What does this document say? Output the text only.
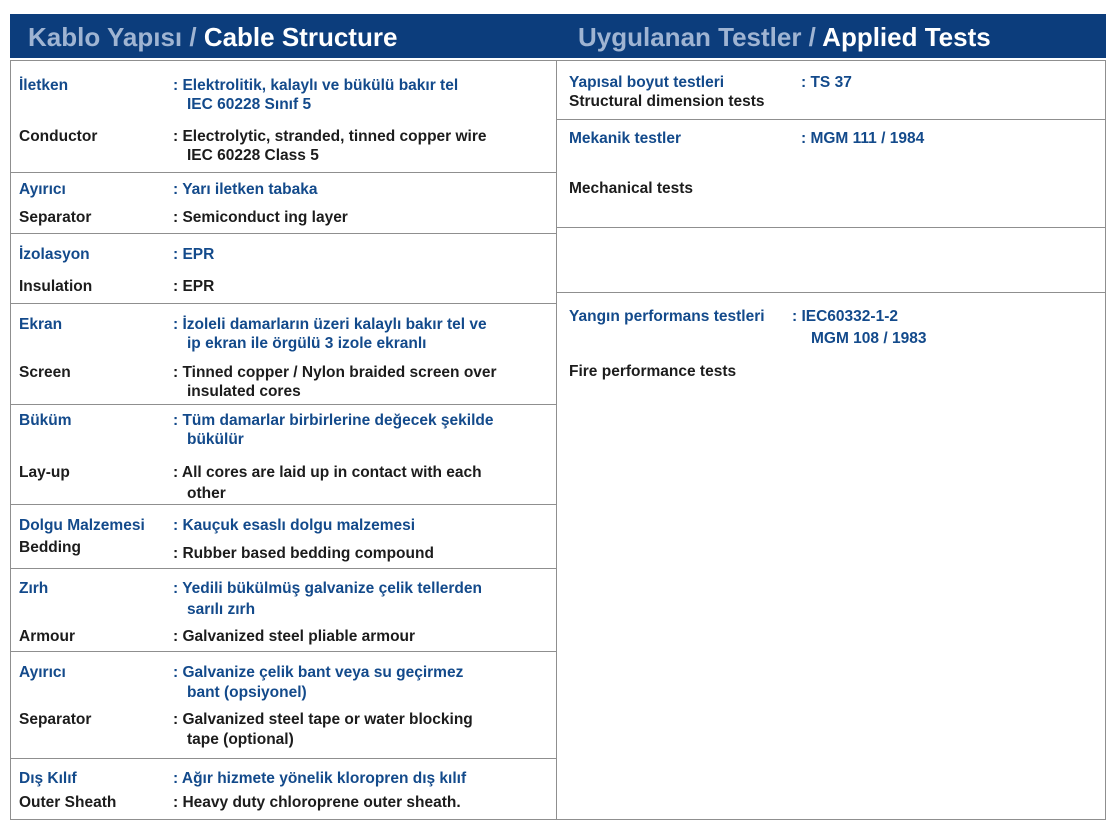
Kablo Yapısı / Cable Structure	Uygulanan Testler / Applied Tests
İletken	: Elektrolitik, kalaylı ve bükülü bakır tel
IEC 60228 Sınıf 5
Conductor	: Electrolytic, stranded, tinned copper wire
IEC 60228 Class 5
Ayırıcı	: Yarı iletken tabaka
Separator	: Semiconduct ing layer
İzolasyon	: EPR
Insulation	: EPR
Ekran	: İzoleli damarların üzeri kalaylı bakır tel ve
ip ekran ile örgülü 3 izole ekranlı
Screen	: Tinned copper / Nylon braided screen over
insulated cores
Büküm	: Tüm damarlar birbirlerine değecek şekilde
bükülür
Lay-up	: All cores are laid up in contact with each
other
Dolgu Malzemesi : Kauçuk esaslı dolgu malzemesi
Bedding	: Rubber based bedding compound
Zırh	: Yedili bükülmüş galvanize çelik tellerden
sarılı zırh
Armour	: Galvanized steel pliable armour
Ayırıcı	: Galvanize çelik bant veya su geçirmez
bant (opsiyonel)
Separator	: Galvanized steel tape or water blocking
tape (optional)
Dış Kılıf	: Ağır hizmete yönelik kloropren dış kılıf
Outer Sheath	: Heavy duty chloroprene outer sheath.
Yapısal boyut testleri	: TS 37
Structural dimension tests
Mekanik testler	: MGM 111 / 1984
Mechanical tests
Yangın performans testleri : IEC60332-1-2
MGM 108 / 1983
Fire performance tests
